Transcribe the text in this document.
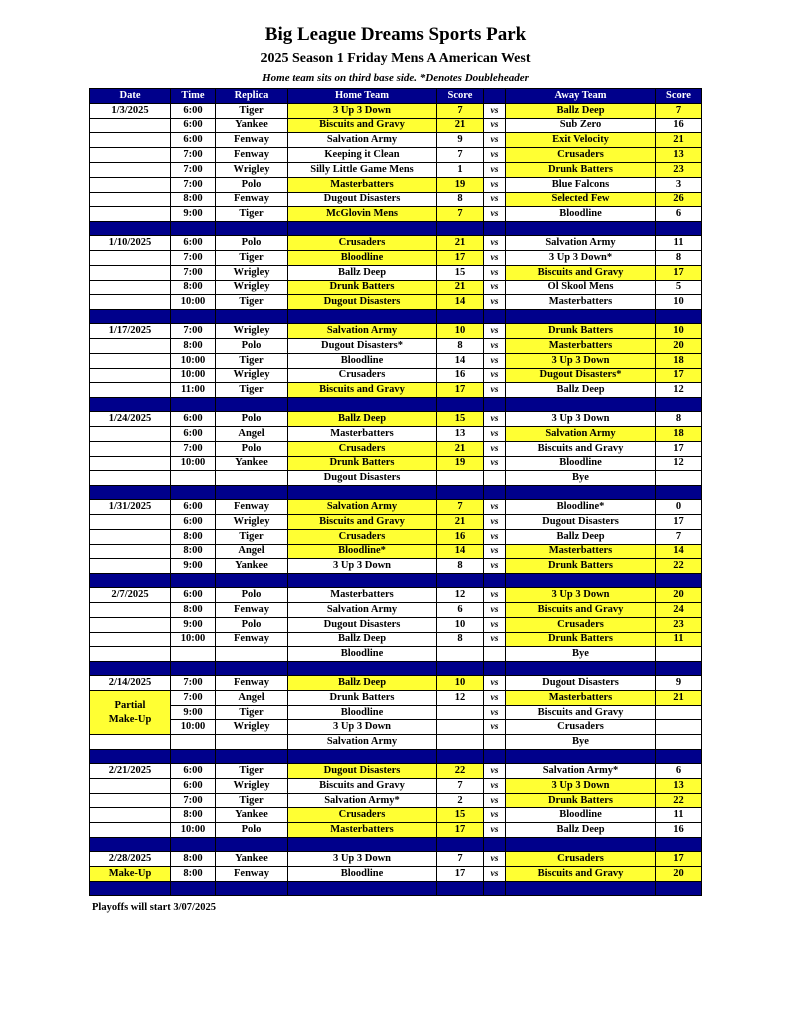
Big League Dreams Sports Park
2025 Season 1 Friday Mens A American West
Home team sits on third base side. *Denotes Doubleheader
Date	Time	Replica	Home Team	Score		Away Team	Score
1/3/2025	6:00	Tiger	3 Up 3 Down	7	vs	Ballz Deep	7
	6:00	Yankee	Biscuits and Gravy	21	vs	Sub Zero	16
	6:00	Fenway	Salvation Army	9	vs	Exit Velocity	21
	7:00	Fenway	Keeping it Clean	7	vs	Crusaders	13
	7:00	Wrigley	Silly Little Game Mens	1	vs	Drunk Batters	23
	7:00	Polo	Masterbatters	19	vs	Blue Falcons	3
	8:00	Fenway	Dugout Disasters	8	vs	Selected Few	26
	9:00	Tiger	McGlovin Mens	7	vs	Bloodline	6

1/10/2025	6:00	Polo	Crusaders	21	vs	Salvation Army	11
	7:00	Tiger	Bloodline	17	vs	3 Up 3 Down*	8
	7:00	Wrigley	Ballz Deep	15	vs	Biscuits and Gravy	17
	8:00	Wrigley	Drunk Batters	21	vs	Ol Skool Mens	5
	10:00	Tiger	Dugout Disasters	14	vs	Masterbatters	10

1/17/2025	7:00	Wrigley	Salvation Army	10	vs	Drunk Batters	10
	8:00	Polo	Dugout Disasters*	8	vs	Masterbatters	20
	10:00	Tiger	Bloodline	14	vs	3 Up 3 Down	18
	10:00	Wrigley	Crusaders	16	vs	Dugout Disasters*	17
	11:00	Tiger	Biscuits and Gravy	17	vs	Ballz Deep	12

1/24/2025	6:00	Polo	Ballz Deep	15	vs	3 Up 3 Down	8
	6:00	Angel	Masterbatters	13	vs	Salvation Army	18
	7:00	Polo	Crusaders	21	vs	Biscuits and Gravy	17
	10:00	Yankee	Drunk Batters	19	vs	Bloodline	12
			Dugout Disasters			Bye	

1/31/2025	6:00	Fenway	Salvation Army	7	vs	Bloodline*	0
	6:00	Wrigley	Biscuits and Gravy	21	vs	Dugout Disasters	17
	8:00	Tiger	Crusaders	16	vs	Ballz Deep	7
	8:00	Angel	Bloodline*	14	vs	Masterbatters	14
	9:00	Yankee	3 Up 3 Down	8	vs	Drunk Batters	22

2/7/2025	6:00	Polo	Masterbatters	12	vs	3 Up 3 Down	20
	8:00	Fenway	Salvation Army	6	vs	Biscuits and Gravy	24
	9:00	Polo	Dugout Disasters	10	vs	Crusaders	23
	10:00	Fenway	Ballz Deep	8	vs	Drunk Batters	11
			Bloodline			Bye	

2/14/2025	7:00	Fenway	Ballz Deep	10	vs	Dugout Disasters	9
Partial Make-Up	7:00	Angel	Drunk Batters	12	vs	Masterbatters	21
	9:00	Tiger	Bloodline		vs	Biscuits and Gravy	
	10:00	Wrigley	3 Up 3 Down		vs	Crusaders	
			Salvation Army			Bye	

2/21/2025	6:00	Tiger	Dugout Disasters	22	vs	Salvation Army*	6
	6:00	Wrigley	Biscuits and Gravy	7	vs	3 Up 3 Down	13
	7:00	Tiger	Salvation Army*	2	vs	Drunk Batters	22
	8:00	Yankee	Crusaders	15	vs	Bloodline	11
	10:00	Polo	Masterbatters	17	vs	Ballz Deep	16

2/28/2025	8:00	Yankee	3 Up 3 Down	7	vs	Crusaders	17
Make-Up	8:00	Fenway	Bloodline	17	vs	Biscuits and Gravy	20

Playoffs will start 3/07/2025
